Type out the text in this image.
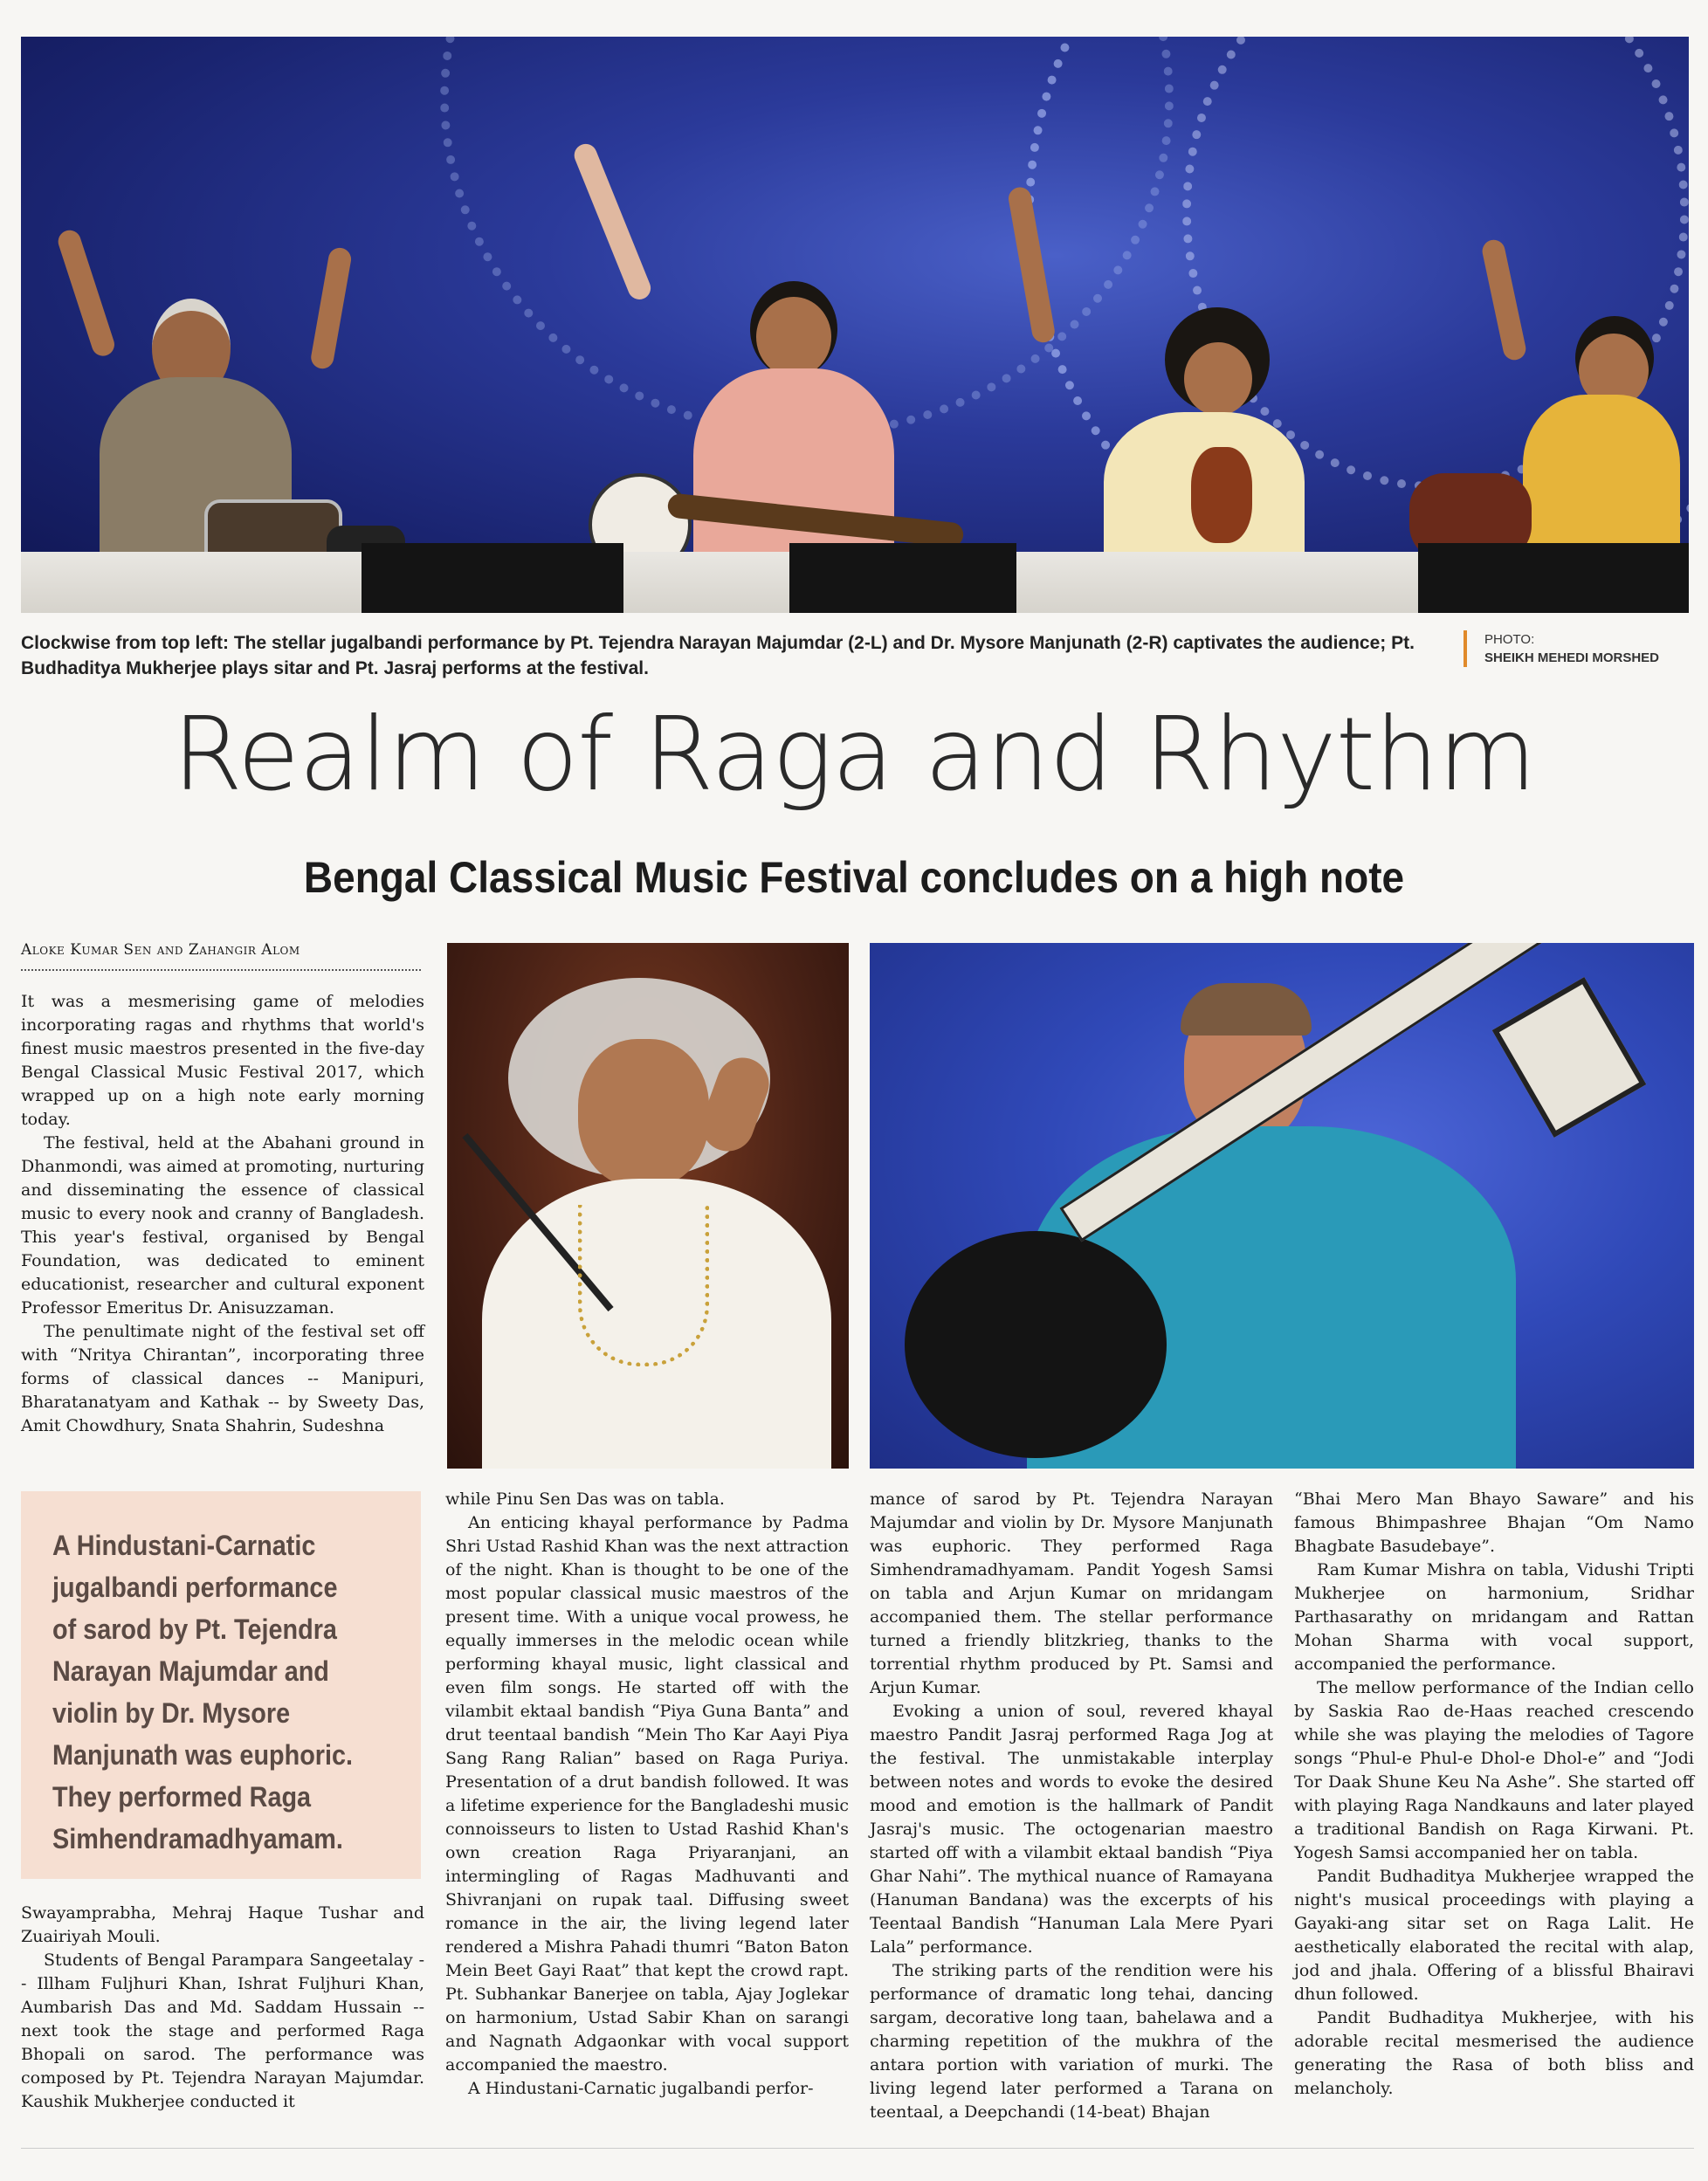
Clockwise from top left: The stellar jugalbandi performance by Pt. Tejendra Narayan Majumdar (2-L) and Dr. Mysore Manjunath (2-R) captivates the audience; Pt. Budhaditya Mukherjee plays sitar and Pt. Jasraj performs at the festival.
PHOTO:
SHEIKH MEHEDI MORSHED
Realm of Raga and Rhythm
Bengal Classical Music Festival concludes on a high note
Aloke Kumar Sen and Zahangir Alom

It was a mesmerising game of melodies incorporating ragas and rhythms that world's finest music maestros presented in the five-day Bengal Classical Music Festival 2017, which wrapped up on a high note early morning today.

The festival, held at the Abahani ground in Dhanmondi, was aimed at promoting, nurturing and disseminating the essence of classical music to every nook and cranny of Bangladesh. This year's festival, organised by Bengal Foundation, was dedicated to eminent educationist, researcher and cultural exponent Professor Emeritus Dr. Anisuzzaman.

The penultimate night of the festival set off with “Nritya Chirantan”, incorporating three forms of classical dances -- Manipuri, Bharatanatyam and Kathak -- by Sweety Das, Amit Chowdhury, Snata Shahrin, Sudeshna

A Hindustani-Carnatic jugalbandi performance of sarod by Pt. Tejendra Narayan Majumdar and violin by Dr. Mysore Manjunath was euphoric. They performed Raga Simhendramadhyamam.

Swayamprabha, Mehraj Haque Tushar and Zuairiyah Mouli.

Students of Bengal Parampara Sangeetalay -- Illham Fuljhuri Khan, Ishrat Fuljhuri Khan, Aumbarish Das and Md. Saddam Hussain -- next took the stage and performed Raga Bhopali on sarod. The performance was composed by Pt. Tejendra Narayan Majumdar. Kaushik Mukherjee conducted it

while Pinu Sen Das was on tabla.

An enticing khayal performance by Padma Shri Ustad Rashid Khan was the next attraction of the night. Khan is thought to be one of the most popular classical music maestros of the present time. With a unique vocal prowess, he equally immerses in the melodic ocean while performing khayal music, light classical and even film songs. He started off with the vilambit ektaal bandish “Piya Guna Banta” and drut teentaal bandish “Mein Tho Kar Aayi Piya Sang Rang Ralian” based on Raga Puriya. Presentation of a drut bandish followed. It was a lifetime experience for the Bangladeshi music connoisseurs to listen to Ustad Rashid Khan's own creation Raga Priyaranjani, an intermingling of Ragas Madhuvanti and Shivranjani on rupak taal. Diffusing sweet romance in the air, the living legend later rendered a Mishra Pahadi thumri “Baton Baton Mein Beet Gayi Raat” that kept the crowd rapt. Pt. Subhankar Banerjee on tabla, Ajay Joglekar on harmonium, Ustad Sabir Khan on sarangi and Nagnath Adgaonkar with vocal support accompanied the maestro.

A Hindustani-Carnatic jugalbandi perfor-

mance of sarod by Pt. Tejendra Narayan Majumdar and violin by Dr. Mysore Manjunath was euphoric. They performed Raga Simhendramadhyamam. Pandit Yogesh Samsi on tabla and Arjun Kumar on mridangam accompanied them. The stellar performance turned a friendly blitzkrieg, thanks to the torrential rhythm produced by Pt. Samsi and Arjun Kumar.

Evoking a union of soul, revered khayal maestro Pandit Jasraj performed Raga Jog at the festival. The unmistakable interplay between notes and words to evoke the desired mood and emotion is the hallmark of Pandit Jasraj's music. The octogenarian maestro started off with a vilambit ektaal bandish “Piya Ghar Nahi”. The mythical nuance of Ramayana (Hanuman Bandana) was the excerpts of his Teentaal Bandish “Hanuman Lala Mere Pyari Lala” performance.

The striking parts of the rendition were his performance of dramatic long tehai, dancing sargam, decorative long taan, bahelawa and a charming repetition of the mukhra of the antara portion with variation of murki. The living legend later performed a Tarana on teentaal, a Deepchandi (14-beat) Bhajan

“Bhai Mero Man Bhayo Saware” and his famous Bhimpashree Bhajan “Om Namo Bhagbate Basudebaye”.

Ram Kumar Mishra on tabla, Vidushi Tripti Mukherjee on harmonium, Sridhar Parthasarathy on mridangam and Rattan Mohan Sharma with vocal support, accompanied the performance.

The mellow performance of the Indian cello by Saskia Rao de-Haas reached crescendo while she was playing the melodies of Tagore songs “Phul-e Phul-e Dhol-e Dhol-e” and “Jodi Tor Daak Shune Keu Na Ashe”. She started off with playing Raga Nandkauns and later played a traditional Bandish on Raga Kirwani. Pt. Yogesh Samsi accompanied her on tabla.

Pandit Budhaditya Mukherjee wrapped the night's musical proceedings with playing a Gayaki-ang sitar set on Raga Lalit. He aesthetically elaborated the recital with alap, jod and jhala. Offering of a blissful Bhairavi dhun followed.

Pandit Budhaditya Mukherjee, with his adorable recital mesmerised the audience generating the Rasa of both bliss and melancholy.
